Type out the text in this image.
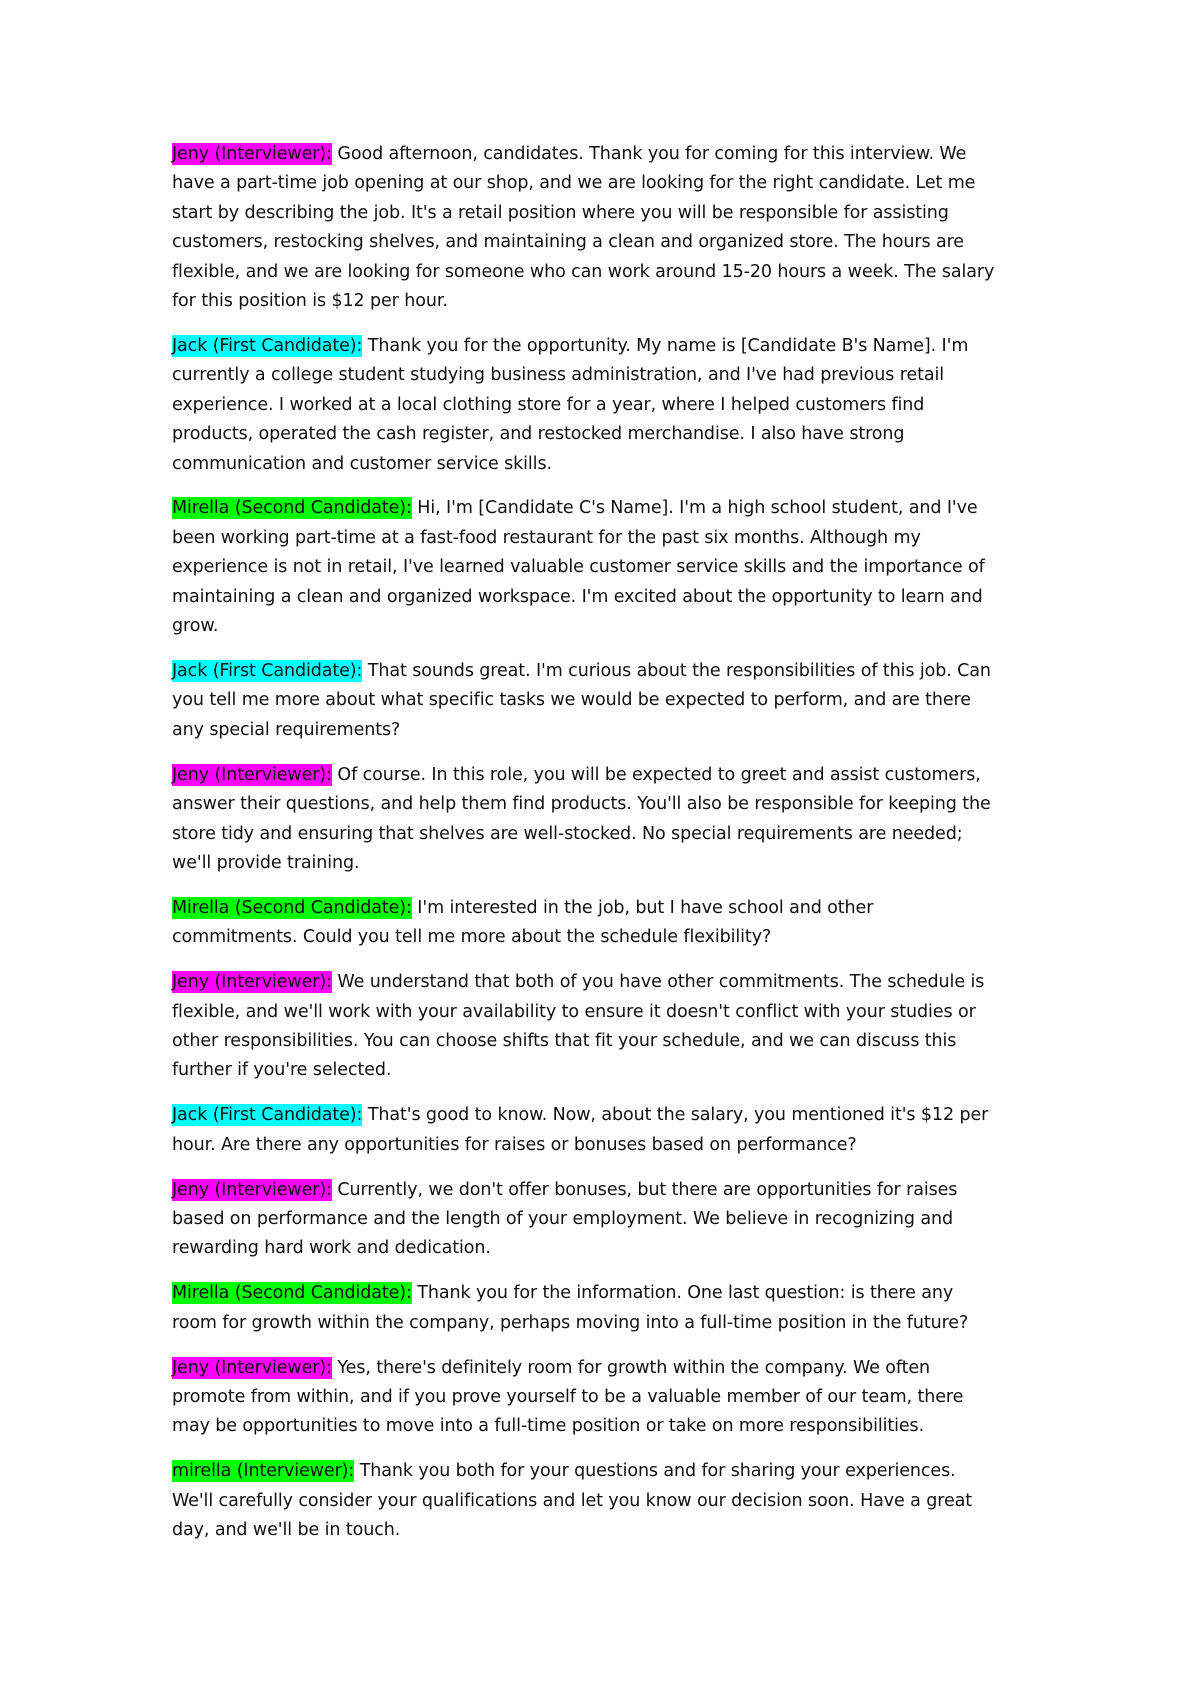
Jeny (Interviewer): Good afternoon, candidates. Thank you for coming for this interview. We
have a part-time job opening at our shop, and we are looking for the right candidate. Let me
start by describing the job. It's a retail position where you will be responsible for assisting
customers, restocking shelves, and maintaining a clean and organized store. The hours are
flexible, and we are looking for someone who can work around 15-20 hours a week. The salary
for this position is $12 per hour.
Jack (First Candidate): Thank you for the opportunity. My name is [Candidate B's Name]. I'm
currently a college student studying business administration, and I've had previous retail
experience. I worked at a local clothing store for a year, where I helped customers find
products, operated the cash register, and restocked merchandise. I also have strong
communication and customer service skills.
Mirella (Second Candidate): Hi, I'm [Candidate C's Name]. I'm a high school student, and I've
been working part-time at a fast-food restaurant for the past six months. Although my
experience is not in retail, I've learned valuable customer service skills and the importance of
maintaining a clean and organized workspace. I'm excited about the opportunity to learn and
grow.
Jack (First Candidate): That sounds great. I'm curious about the responsibilities of this job. Can
you tell me more about what specific tasks we would be expected to perform, and are there
any special requirements?
Jeny (Interviewer): Of course. In this role, you will be expected to greet and assist customers,
answer their questions, and help them find products. You'll also be responsible for keeping the
store tidy and ensuring that shelves are well-stocked. No special requirements are needed;
we'll provide training.
Mirella (Second Candidate): I'm interested in the job, but I have school and other
commitments. Could you tell me more about the schedule flexibility?
Jeny (Interviewer): We understand that both of you have other commitments. The schedule is
flexible, and we'll work with your availability to ensure it doesn't conflict with your studies or
other responsibilities. You can choose shifts that fit your schedule, and we can discuss this
further if you're selected.
Jack (First Candidate): That's good to know. Now, about the salary, you mentioned it's $12 per
hour. Are there any opportunities for raises or bonuses based on performance?
Jeny (Interviewer): Currently, we don't offer bonuses, but there are opportunities for raises
based on performance and the length of your employment. We believe in recognizing and
rewarding hard work and dedication.
Mirella (Second Candidate): Thank you for the information. One last question: is there any
room for growth within the company, perhaps moving into a full-time position in the future?
Jeny (Interviewer): Yes, there's definitely room for growth within the company. We often
promote from within, and if you prove yourself to be a valuable member of our team, there
may be opportunities to move into a full-time position or take on more responsibilities.
mirella (Interviewer): Thank you both for your questions and for sharing your experiences.
We'll carefully consider your qualifications and let you know our decision soon. Have a great
day, and we'll be in touch.
